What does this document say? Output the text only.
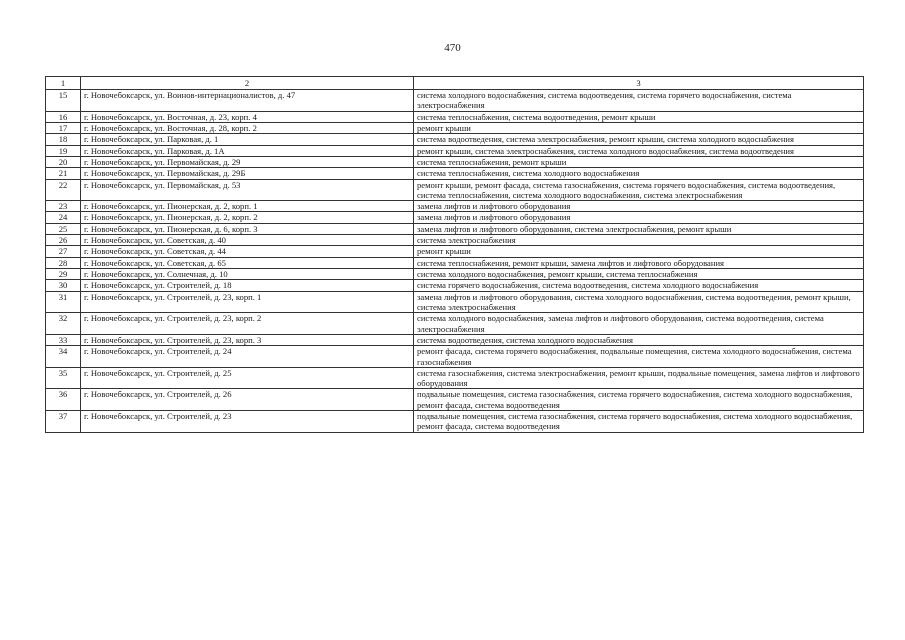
470
1	2	3
15	г. Новочебоксарск, ул. Воинов-интернационалистов, д. 47	система холодного водоснабжения, система водоотведения, система горячего водоснабжения, система электроснабжения
16	г. Новочебоксарск, ул. Восточная, д. 23, корп. 4	система теплоснабжения, система водоотведения, ремонт крыши
17	г. Новочебоксарск, ул. Восточная, д. 28, корп. 2	ремонт крыши
18	г. Новочебоксарск, ул. Парковая, д. 1	система водоотведения, система электроснабжения, ремонт крыши, система холодного водоснабжения
19	г. Новочебоксарск, ул. Парковая, д. 1А	ремонт крыши, система электроснабжения, система холодного водоснабжения, система водоотведения
20	г. Новочебоксарск, ул. Первомайская, д. 29	система теплоснабжения, ремонт крыши
21	г. Новочебоксарск, ул. Первомайская, д. 29Б	система теплоснабжения, система холодного водоснабжения
22	г. Новочебоксарск, ул. Первомайская, д. 53	ремонт крыши, ремонт фасада, система газоснабжения, система горячего водоснабжения, система водоотведения, система теплоснабжения, система холодного водоснабжения, система электроснабжения
23	г. Новочебоксарск, ул. Пионерская, д. 2, корп. 1	замена лифтов и лифтового оборудования
24	г. Новочебоксарск, ул. Пионерская, д. 2, корп. 2	замена лифтов и лифтового оборудования
25	г. Новочебоксарск, ул. Пионерская, д. 6, корп. 3	замена лифтов и лифтового оборудования, система электроснабжения, ремонт крыши
26	г. Новочебоксарск, ул. Советская, д. 40	система электроснабжения
27	г. Новочебоксарск, ул. Советская, д. 44	ремонт крыши
28	г. Новочебоксарск, ул. Советская, д. 65	система теплоснабжения, ремонт крыши, замена лифтов и лифтового оборудования
29	г. Новочебоксарск, ул. Солнечная, д. 10	система холодного водоснабжения, ремонт крыши, система теплоснабжения
30	г. Новочебоксарск, ул. Строителей, д. 18	система горячего водоснабжения, система водоотведения, система холодного водоснабжения
31	г. Новочебоксарск, ул. Строителей, д. 23, корп. 1	замена лифтов и лифтового оборудования, система холодного водоснабжения, система водоотведения, ремонт крыши, система электроснабжения
32	г. Новочебоксарск, ул. Строителей, д. 23, корп. 2	система холодного водоснабжения, замена лифтов и лифтового оборудования, система водоотведения, система электроснабжения
33	г. Новочебоксарск, ул. Строителей, д. 23, корп. 3	система водоотведения, система холодного водоснабжения
34	г. Новочебоксарск, ул. Строителей, д. 24	ремонт фасада, система горячего водоснабжения, подвальные помещения, система холодного водоснабжения, система газоснабжения
35	г. Новочебоксарск, ул. Строителей, д. 25	система газоснабжения, система электроснабжения, ремонт крыши, подвальные помещения, замена лифтов и лифтового оборудования
36	г. Новочебоксарск, ул. Строителей, д. 26	подвальные помещения, система газоснабжения, система горячего водоснабжения, система холодного водоснабжения, ремонт фасада, система водоотведения
37	г. Новочебоксарск, ул. Строителей, д. 23	подвальные помещения, система газоснабжения, система горячего водоснабжения, система холодного водоснабжения, ремонт фасада, система водоотведения
